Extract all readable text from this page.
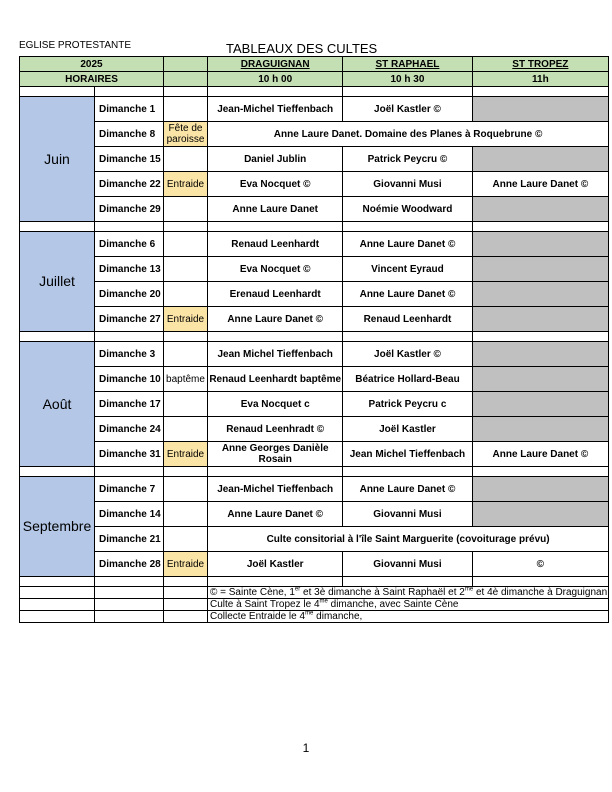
EGLISE PROTESTANTE	TABLEAUX DES CULTES
2025			DRAGUIGNAN	ST RAPHAEL	ST TROPEZ
HORAIRES			10 h 00	10 h 30	11h

Juin	Dimanche 1		Jean-Michel Tieffenbach	Joël Kastler ©	
	Dimanche 8	Fête de paroisse	Anne Laure Danet. Domaine des Planes à Roquebrune ©		
	Dimanche 15		Daniel Jublin	Patrick Peycru ©	
	Dimanche 22	Entraide	Eva Nocquet ©	Giovanni Musi	Anne Laure Danet ©
	Dimanche 29		Anne Laure Danet	Noémie Woodward	

Juillet	Dimanche 6		Renaud Leenhardt	Anne Laure Danet ©	
	Dimanche 13		Eva Nocquet ©	Vincent Eyraud	
	Dimanche 20		Erenaud Leenhardt	Anne Laure Danet ©	
	Dimanche 27	Entraide	Anne Laure Danet ©	Renaud Leenhardt	

Août	Dimanche 3		Jean Michel Tieffenbach	Joël Kastler ©	
	Dimanche 10	baptême	Renaud Leenhardt baptême	Béatrice Hollard-Beau	
	Dimanche 17		Eva Nocquet c	Patrick Peycru c	
	Dimanche 24		Renaud Leenhradt ©	Joël Kastler	
	Dimanche 31	Entraide	Anne Georges Danièle Rosain	Jean Michel Tieffenbach	Anne Laure Danet ©

Septembre	Dimanche 7		Jean-Michel Tieffenbach	Anne Laure Danet ©	
	Dimanche 14		Anne Laure Danet ©	Giovanni Musi	
	Dimanche 21		Culte consitorial à l'île Saint Marguerite (covoiturage prévu)		
	Dimanche 28	Entraide	Joël Kastler	Giovanni Musi	©

			© = Sainte Cène, 1er et 3è dimanche à Saint Raphaël et $2^{me}$ et 4è dimanche à Draguignan		
			Culte à Saint Tropez le $4^{me}$ dimanche, avec Sainte Cène		
			Collecte Entraide le $4^{me}$ dimanche,		
1
